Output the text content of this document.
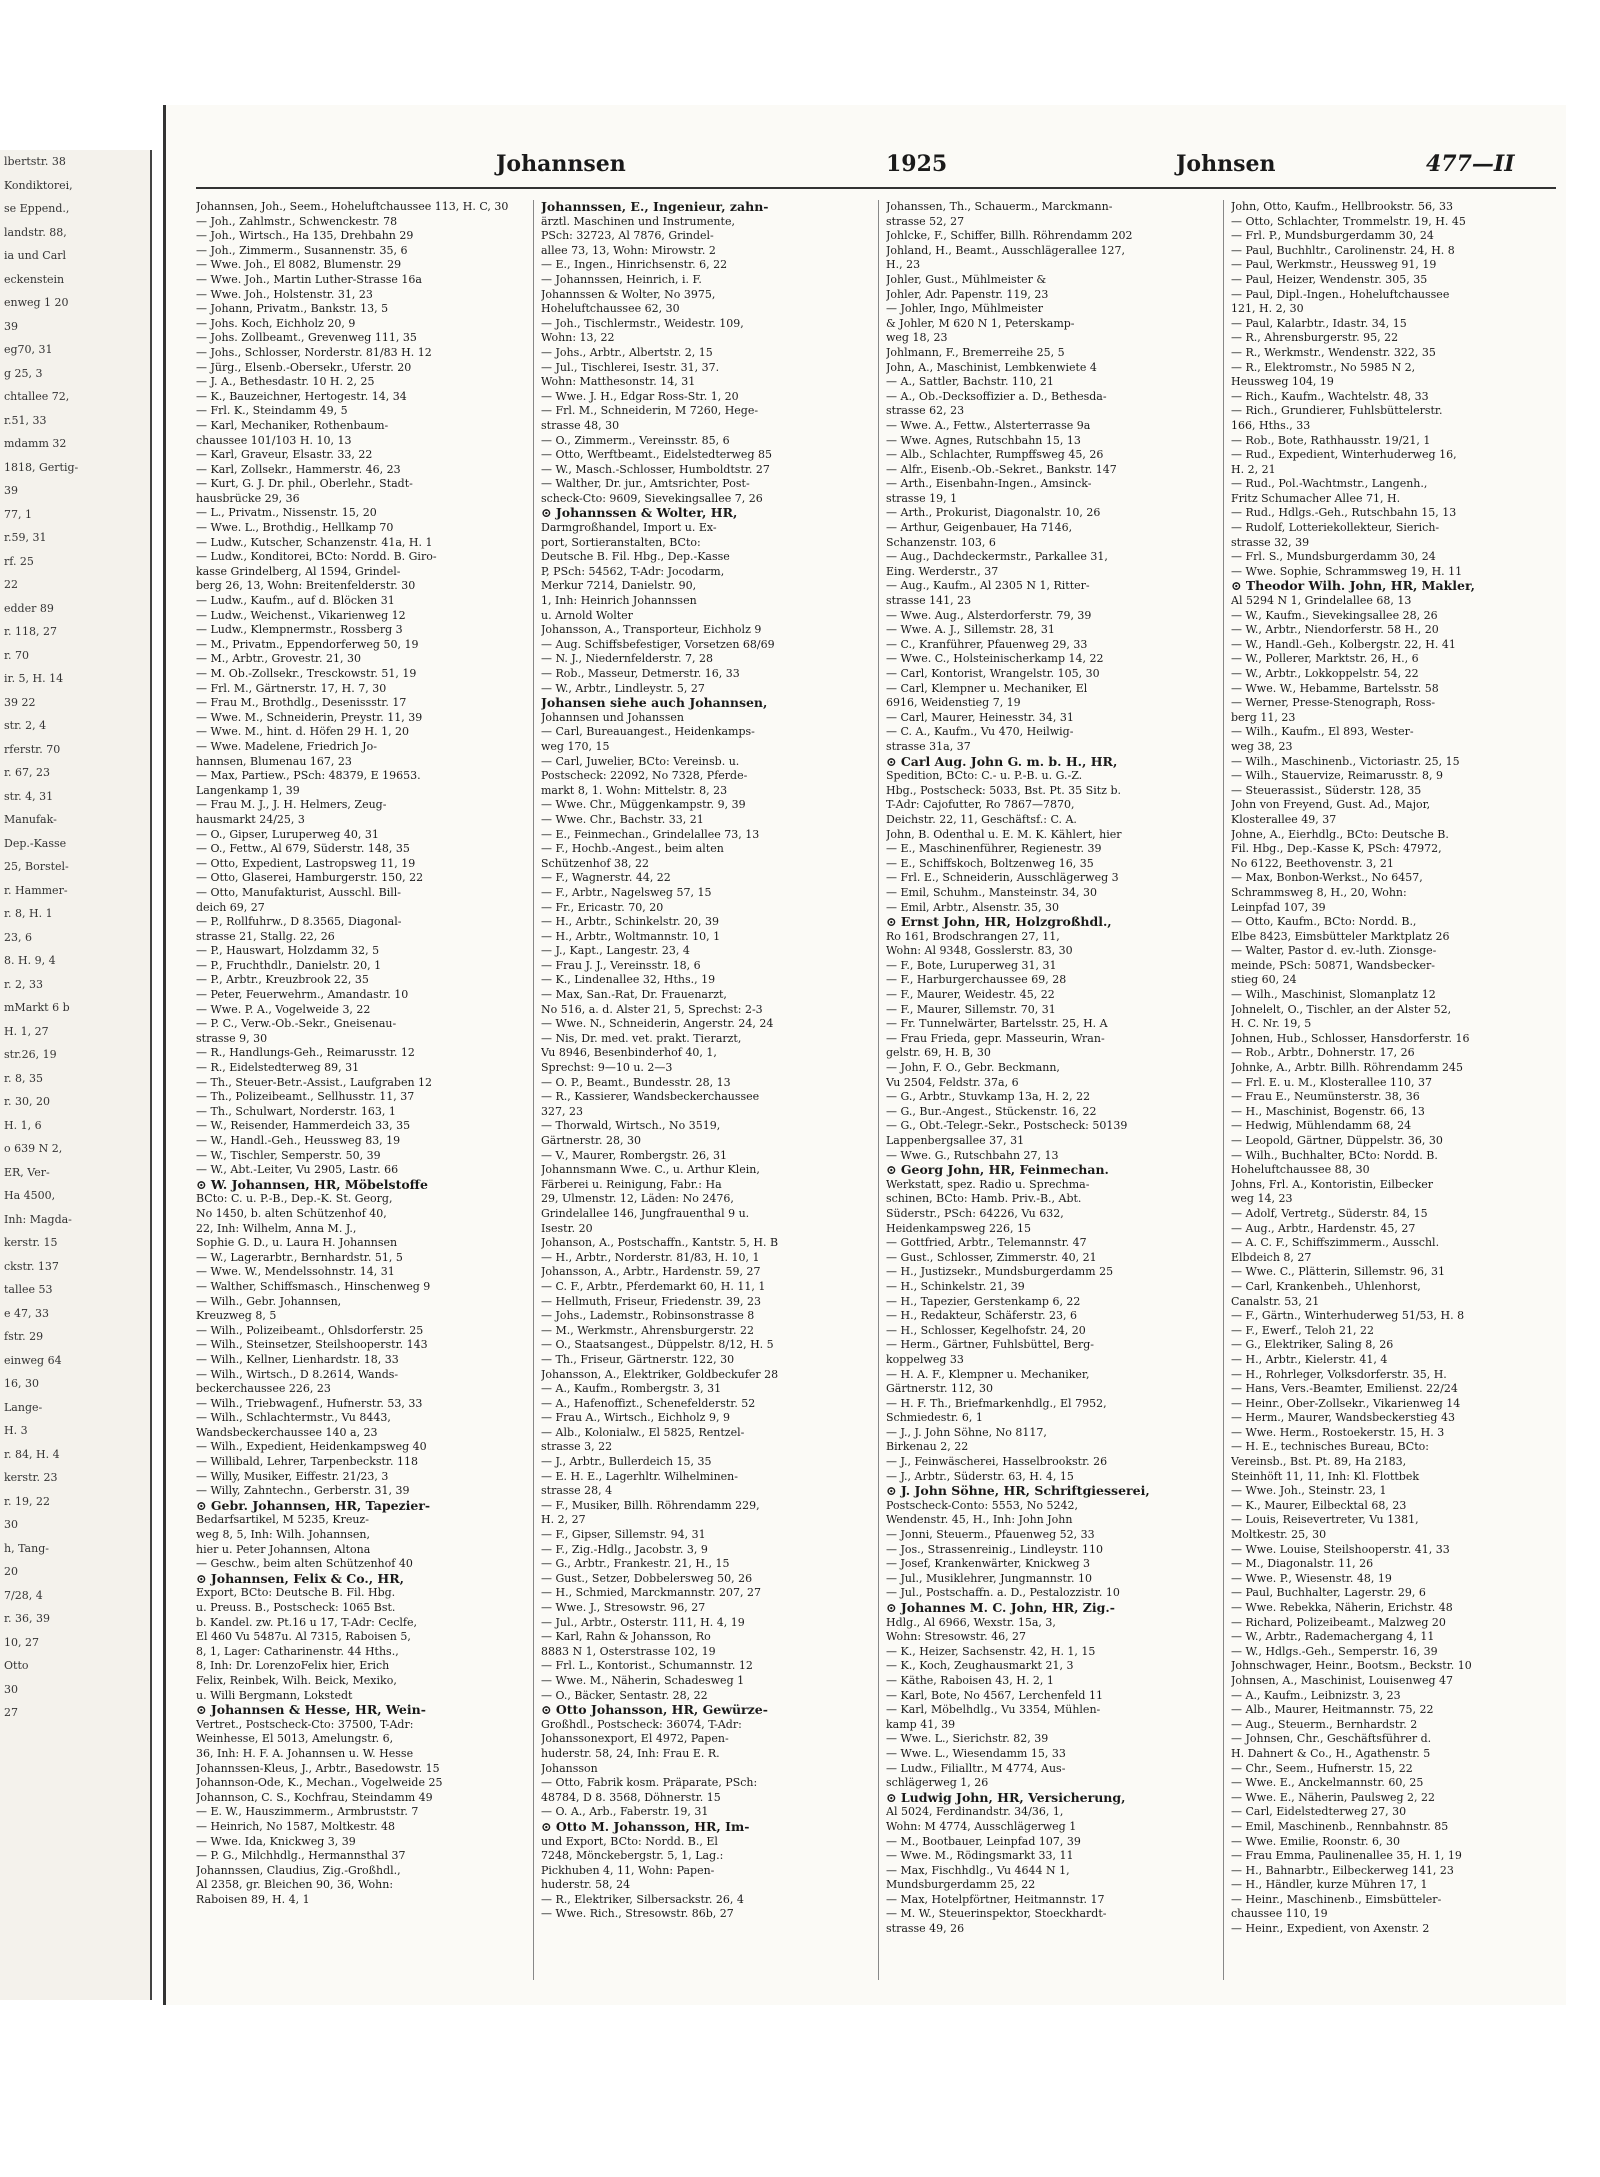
lbertstr. 38
Kondiktorei,
se Eppend.,
landstr. 88,
ia und Carl
eckenstein
enweg 1 20
39
eg70, 31
g 25, 3
chtallee 72,
r.51, 33
mdamm 32
1818, Gertig-
39
77, 1
r.59, 31
rf. 25
22
edder 89
r. 118, 27
r. 70
ir. 5, H. 14
39 22
str. 2, 4
rferstr. 70
r. 67, 23
str. 4, 31
Manufak-
Dep.-Kasse
25, Borstel-
r. Hammer-
r. 8, H. 1
23, 6
8. H. 9, 4
r. 2, 33
mMarkt 6 b
H. 1, 27
str.26, 19
r. 8, 35
r. 30, 20
H. 1, 6
o 639 N 2,
ER, Ver-
Ha 4500,
Inh: Magda-
kerstr. 15
ckstr. 137
tallee 53
e 47, 33
fstr. 29
einweg 64
16, 30
Lange-
H. 3
r. 84, H. 4
kerstr. 23
r. 19, 22
30
h, Tang-
20
7/28, 4
r. 36, 39
10, 27
Otto
30
27
Johannsen	1925	Johnsen	477—II
Johannsen, Joh., Seem., Hoheluftchaussee 113, H. C, 30
— Joh., Zahlmstr., Schwenckestr. 78
— Joh., Wirtsch., Ha 135, Drehbahn 29
— Joh., Zimmerm., Susannenstr. 35, 6
— Wwe. Joh., El 8082, Blumenstr. 29
— Wwe. Joh., Martin Luther-Strasse 16a
— Wwe. Joh., Holstenstr. 31, 23
— Johann, Privatm., Bankstr. 13, 5
— Johs. Koch, Eichholz 20, 9
— Johs. Zollbeamt., Grevenweg 111, 35
— Johs., Schlosser, Norderstr. 81/83 H. 12
— Jürg., Elsenb.-Obersekr., Uferstr. 20
— J. A., Bethesdastr. 10 H. 2, 25
— K., Bauzeichner, Hertogestr. 14, 34
— Frl. K., Steindamm 49, 5
— Karl, Mechaniker, Rothenbaum-
chaussee 101/103 H. 10, 13
— Karl, Graveur, Elsastr. 33, 22
— Karl, Zollsekr., Hammerstr. 46, 23
— Kurt, G. J. Dr. phil., Oberlehr., Stadt-
hausbrücke 29, 36
— L., Privatm., Nissenstr. 15, 20
— Wwe. L., Brothdig., Hellkamp 70
— Ludw., Kutscher, Schanzenstr. 41a, H. 1
— Ludw., Konditorei, BCto: Nordd. B. Giro-
kasse Grindelberg, Al 1594, Grindel-
berg 26, 13, Wohn: Breitenfelderstr. 30
— Ludw., Kaufm., auf d. Blöcken 31
— Ludw., Weichenst., Vikarienweg 12
— Ludw., Klempnermstr., Rossberg 3
— M., Privatm., Eppendorferweg 50, 19
— M., Arbtr., Grovestr. 21, 30
— M. Ob.-Zollsekr., Tresckowstr. 51, 19
— Frl. M., Gärtnerstr. 17, H. 7, 30
— Frau M., Brothdlg., Desenissstr. 17
— Wwe. M., Schneiderin, Preystr. 11, 39
— Wwe. M., hint. d. Höfen 29 H. 1, 20
— Wwe. Madelene, Friedrich Jo-
hannsen, Blumenau 167, 23
— Max, Partiew., PSch: 48379, E 19653.
Langenkamp 1, 39
— Frau M. J., J. H. Helmers, Zeug-
hausmarkt 24/25, 3
— O., Gipser, Luruperweg 40, 31
— O., Fettw., Al 679, Süderstr. 148, 35
— Otto, Expedient, Lastropsweg 11, 19
— Otto, Glaserei, Hamburgerstr. 150, 22
— Otto, Manufakturist, Ausschl. Bill-
deich 69, 27
— P., Rollfuhrw., D 8.3565, Diagonal-
strasse 21, Stallg. 22, 26
— P., Hauswart, Holzdamm 32, 5
— P., Fruchthdlr., Danielstr. 20, 1
— P., Arbtr., Kreuzbrook 22, 35
— Peter, Feuerwehrm., Amandastr. 10
— Wwe. P. A., Vogelweide 3, 22
— P. C., Verw.-Ob.-Sekr., Gneisenau-
strasse 9, 30
— R., Handlungs-Geh., Reimarusstr. 12
— R., Eidelstedterweg 89, 31
— Th., Steuer-Betr.-Assist., Laufgraben 12
— Th., Polizeibeamt., Sellhusstr. 11, 37
— Th., Schulwart, Norderstr. 163, 1
— W., Reisender, Hammerdeich 33, 35
— W., Handl.-Geh., Heussweg 83, 19
— W., Tischler, Semperstr. 50, 39
— W., Abt.-Leiter, Vu 2905, Lastr. 66
⊙ W. Johannsen, HR, Möbelstoffe
BCto: C. u. P.-B., Dep.-K. St. Georg,
No 1450, b. alten Schützenhof 40,
22, Inh: Wilhelm, Anna M. J.,
Sophie G. D., u. Laura H. Johannsen
— W., Lagerarbtr., Bernhardstr. 51, 5
— Wwe. W., Mendelssohnstr. 14, 31
— Walther, Schiffsmasch., Hinschenweg 9
— Wilh., Gebr. Johannsen,
Kreuzweg 8, 5
— Wilh., Polizeibeamt., Ohlsdorferstr. 25
— Wilh., Steinsetzer, Steilshooperstr. 143
— Wilh., Kellner, Lienhardstr. 18, 33
— Wilh., Wirtsch., D 8.2614, Wands-
beckerchaussee 226, 23
— Wilh., Triebwagenf., Hufnerstr. 53, 33
— Wilh., Schlachtermstr., Vu 8443,
Wandsbeckerchaussee 140 a, 23
— Wilh., Expedient, Heidenkampsweg 40
— Willibald, Lehrer, Tarpenbeckstr. 118
— Willy, Musiker, Eiffestr. 21/23, 3
— Willy, Zahntechn., Gerberstr. 31, 39
⊙ Gebr. Johannsen, HR, Tapezier-
Bedarfsartikel, M 5235, Kreuz-
weg 8, 5, Inh: Wilh. Johannsen,
hier u. Peter Johannsen, Altona
— Geschw., beim alten Schützenhof 40
⊙ Johannsen, Felix & Co., HR,
Export, BCto: Deutsche B. Fil. Hbg.
u. Preuss. B., Postscheck: 1065 Bst.
b. Kandel. zw. Pt.16 u 17, T-Adr: Ceclfe,
El 460 Vu 5487u. Al 7315, Raboisen 5,
8, 1, Lager: Catharinenstr. 44 Hths.,
8, Inh: Dr. LorenzoFelix hier, Erich
Felix, Reinbek, Wilh. Beick, Mexiko,
u. Willi Bergmann, Lokstedt
⊙ Johannsen & Hesse, HR, Wein-
Vertret., Postscheck-Cto: 37500, T-Adr:
Weinhesse, El 5013, Amelungstr. 6,
36, Inh: H. F. A. Johannsen u. W. Hesse
Johannssen-Kleus, J., Arbtr., Basedowstr. 15
Johannson-Ode, K., Mechan., Vogelweide 25
Johannson, C. S., Kochfrau, Steindamm 49
— E. W., Hauszimmerm., Armbruststr. 7
— Heinrich, No 1587, Moltkestr. 48
— Wwe. Ida, Knickweg 3, 39
— P. G., Milchhdlg., Hermannsthal 37
Johannssen, Claudius, Zig.-Großhdl.,
Al 2358, gr. Bleichen 90, 36, Wohn:
Raboisen 89, H. 4, 1
Johannssen, E., Ingenieur, zahn-
ärztl. Maschinen und Instrumente,
PSch: 32723, Al 7876, Grindel-
allee 73, 13, Wohn: Mirowstr. 2
— E., Ingen., Hinrichsenstr. 6, 22
— Johannssen, Heinrich, i. F.
Johannssen & Wolter, No 3975,
Hoheluftchaussee 62, 30
— Joh., Tischlermstr., Weidestr. 109,
Wohn: 13, 22
— Johs., Arbtr., Albertstr. 2, 15
— Jul., Tischlerei, Isestr. 31, 37.
Wohn: Matthesonstr. 14, 31
— Wwe. J. H., Edgar Ross-Str. 1, 20
— Frl. M., Schneiderin, M 7260, Hege-
strasse 48, 30
— O., Zimmerm., Vereinsstr. 85, 6
— Otto, Werftbeamt., Eidelstedterweg 85
— W., Masch.-Schlosser, Humboldtstr. 27
— Walther, Dr. jur., Amtsrichter, Post-
scheck-Cto: 9609, Sievekingsallee 7, 26
⊙ Johannssen & Wolter, HR,
Darmgroßhandel, Import u. Ex-
port, Sortieranstalten, BCto:
Deutsche B. Fil. Hbg., Dep.-Kasse
P, PSch: 54562, T-Adr: Jocodarm,
Merkur 7214, Danielstr. 90,
1, Inh: Heinrich Johannssen
u. Arnold Wolter
Johansson, A., Transporteur, Eichholz 9
— Aug. Schiffsbefestiger, Vorsetzen 68/69
— N. J., Niedernfelderstr. 7, 28
— Rob., Masseur, Detmerstr. 16, 33
— W., Arbtr., Lindleystr. 5, 27
Johansen siehe auch Johannsen,
Johannsen und Johanssen
— Carl, Bureauangest., Heidenkamps-
weg 170, 15
— Carl, Juwelier, BCto: Vereinsb. u.
Postscheck: 22092, No 7328, Pferde-
markt 8, 1. Wohn: Mittelstr. 8, 23
— Wwe. Chr., Müggenkampstr. 9, 39
— Wwe. Chr., Bachstr. 33, 21
— E., Feinmechan., Grindelallee 73, 13
— F., Hochb.-Angest., beim alten
Schützenhof 38, 22
— F., Wagnerstr. 44, 22
— F., Arbtr., Nagelsweg 57, 15
— Fr., Ericastr. 70, 20
— H., Arbtr., Schinkelstr. 20, 39
— H., Arbtr., Woltmannstr. 10, 1
— J., Kapt., Langestr. 23, 4
— Frau J. J., Vereinsstr. 18, 6
— K., Lindenallee 32, Hths., 19
— Max, San.-Rat, Dr. Frauenarzt,
No 516, a. d. Alster 21, 5, Sprechst: 2-3
— Wwe. N., Schneiderin, Angerstr. 24, 24
— Nis, Dr. med. vet. prakt. Tierarzt,
Vu 8946, Besenbinderhof 40, 1,
Sprechst: 9—10 u. 2—3
— O. P., Beamt., Bundesstr. 28, 13
— R., Kassierer, Wandsbeckerchaussee
327, 23
— Thorwald, Wirtsch., No 3519,
Gärtnerstr. 28, 30
— V., Maurer, Rombergstr. 26, 31
Johannsmann Wwe. C., u. Arthur Klein,
Färberei u. Reinigung, Fabr.: Ha
29, Ulmenstr. 12, Läden: No 2476,
Grindelallee 146, Jungfrauenthal 9 u.
Isestr. 20
Johanson, A., Postschaffn., Kantstr. 5, H. B
— H., Arbtr., Norderstr. 81/83, H. 10, 1
Johansson, A., Arbtr., Hardenstr. 59, 27
— C. F., Arbtr., Pferdemarkt 60, H. 11, 1
— Hellmuth, Friseur, Friedenstr. 39, 23
— Johs., Lademstr., Robinsonstrasse 8
— M., Werkmstr., Ahrensburgerstr. 22
— O., Staatsangest., Düppelstr. 8/12, H. 5
— Th., Friseur, Gärtnerstr. 122, 30
Johansson, A., Elektriker, Goldbeckufer 28
— A., Kaufm., Rombergstr. 3, 31
— A., Hafenoffizt., Schenefelderstr. 52
— Frau A., Wirtsch., Eichholz 9, 9
— Alb., Kolonialw., El 5825, Rentzel-
strasse 3, 22
— J., Arbtr., Bullerdeich 15, 35
— E. H. E., Lagerhltr. Wilhelminen-
strasse 28, 4
— F., Musiker, Billh. Röhrendamm 229,
H. 2, 27
— F., Gipser, Sillemstr. 94, 31
— F., Zig.-Hdlg., Jacobstr. 3, 9
— G., Arbtr., Frankestr. 21, H., 15
— Gust., Setzer, Dobbelersweg 50, 26
— H., Schmied, Marckmannstr. 207, 27
— Wwe. J., Stresowstr. 96, 27
— Jul., Arbtr., Osterstr. 111, H. 4, 19
— Karl, Rahn & Johansson, Ro
8883 N 1, Osterstrasse 102, 19
— Frl. L., Kontorist., Schumannstr. 12
— Wwe. M., Näherin, Schadesweg 1
— O., Bäcker, Sentastr. 28, 22
⊙ Otto Johansson, HR, Gewürze-
Großhdl., Postscheck: 36074, T-Adr:
Johanssonexport, El 4972, Papen-
huderstr. 58, 24, Inh: Frau E. R.
Johansson
— Otto, Fabrik kosm. Präparate, PSch:
48784, D 8. 3568, Döhnerstr. 15
— O. A., Arb., Faberstr. 19, 31
⊙ Otto M. Johansson, HR, Im-
und Export, BCto: Nordd. B., El
7248, Mönckebergstr. 5, 1, Lag.:
Pickhuben 4, 11, Wohn: Papen-
huderstr. 58, 24
— R., Elektriker, Silbersackstr. 26, 4
— Wwe. Rich., Stresowstr. 86b, 27
Johanssen, Th., Schauerm., Marckmann-
strasse 52, 27
Johlcke, F., Schiffer, Billh. Röhrendamm 202
Johland, H., Beamt., Ausschlägerallee 127,
H., 23
Johler, Gust., Mühlmeister &
Johler, Adr. Papenstr. 119, 23
— Johler, Ingo, Mühlmeister
& Johler, M 620 N 1, Peterskamp-
weg 18, 23
Johlmann, F., Bremerreihe 25, 5
John, A., Maschinist, Lembkenwiete 4
— A., Sattler, Bachstr. 110, 21
— A., Ob.-Decksoffizier a. D., Bethesda-
strasse 62, 23
— Wwe. A., Fettw., Alsterterrasse 9a
— Wwe. Agnes, Rutschbahn 15, 13
— Alb., Schlachter, Rumpffsweg 45, 26
— Alfr., Eisenb.-Ob.-Sekret., Bankstr. 147
— Arth., Eisenbahn-Ingen., Amsinck-
strasse 19, 1
— Arth., Prokurist, Diagonalstr. 10, 26
— Arthur, Geigenbauer, Ha 7146,
Schanzenstr. 103, 6
— Aug., Dachdeckermstr., Parkallee 31,
Eing. Werderstr., 37
— Aug., Kaufm., Al 2305 N 1, Ritter-
strasse 141, 23
— Wwe. Aug., Alsterdorferstr. 79, 39
— Wwe. A. J., Sillemstr. 28, 31
— C., Kranführer, Pfauenweg 29, 33
— Wwe. C., Holsteinischerkamp 14, 22
— Carl, Kontorist, Wrangelstr. 105, 30
— Carl, Klempner u. Mechaniker, El
6916, Weidenstieg 7, 19
— Carl, Maurer, Heinesstr. 34, 31
— C. A., Kaufm., Vu 470, Heilwig-
strasse 31a, 37
⊙ Carl Aug. John G. m. b. H., HR,
Spedition, BCto: C.- u. P.-B. u. G.-Z.
Hbg., Postscheck: 5033, Bst. Pt. 35 Sitz b.
T-Adr: Cajofutter, Ro 7867—7870,
Deichstr. 22, 11, Geschäftsf.: C. A.
John, B. Odenthal u. E. M. K. Kählert, hier
— E., Maschinenführer, Regienestr. 39
— E., Schiffskoch, Boltzenweg 16, 35
— Frl. E., Schneiderin, Ausschlägerweg 3
— Emil, Schuhm., Mansteinstr. 34, 30
— Emil, Arbtr., Alsenstr. 35, 30
⊙ Ernst John, HR, Holzgroßhdl.,
Ro 161, Brodschrangen 27, 11,
Wohn: Al 9348, Gosslerstr. 83, 30
— F., Bote, Luruperweg 31, 31
— F., Harburgerchaussee 69, 28
— F., Maurer, Weidestr. 45, 22
— F., Maurer, Sillemstr. 70, 31
— Fr. Tunnelwärter, Bartelsstr. 25, H. A
— Frau Frieda, gepr. Masseurin, Wran-
gelstr. 69, H. B, 30
— John, F. O., Gebr. Beckmann,
Vu 2504, Feldstr. 37a, 6
— G., Arbtr., Stuvkamp 13a, H. 2, 22
— G., Bur.-Angest., Stückenstr. 16, 22
— G., Obt.-Telegr.-Sekr., Postscheck: 50139
Lappenbergsallee 37, 31
— Wwe. G., Rutschbahn 27, 13
⊙ Georg John, HR, Feinmechan.
Werkstatt, spez. Radio u. Sprechma-
schinen, BCto: Hamb. Priv.-B., Abt.
Süderstr., PSch: 64226, Vu 632,
Heidenkampsweg 226, 15
— Gottfried, Arbtr., Telemannstr. 47
— Gust., Schlosser, Zimmerstr. 40, 21
— H., Justizsekr., Mundsburgerdamm 25
— H., Schinkelstr. 21, 39
— H., Tapezier, Gerstenkamp 6, 22
— H., Redakteur, Schäferstr. 23, 6
— H., Schlosser, Kegelhofstr. 24, 20
— Herm., Gärtner, Fuhlsbüttel, Berg-
koppelweg 33
— H. A. F., Klempner u. Mechaniker,
Gärtnerstr. 112, 30
— H. F. Th., Briefmarkenhdlg., El 7952,
Schmiedestr. 6, 1
— J., J. John Söhne, No 8117,
Birkenau 2, 22
— J., Feinwäscherei, Hasselbrookstr. 26
— J., Arbtr., Süderstr. 63, H. 4, 15
⊙ J. John Söhne, HR, Schriftgiesserei,
Postscheck-Conto: 5553, No 5242,
Wendenstr. 45, H., Inh: John John
— Jonni, Steuerm., Pfauenweg 52, 33
— Jos., Strassenreinig., Lindleystr. 110
— Josef, Krankenwärter, Knickweg 3
— Jul., Musiklehrer, Jungmannstr. 10
— Jul., Postschaffn. a. D., Pestalozzistr. 10
⊙ Johannes M. C. John, HR, Zig.-
Hdlg., Al 6966, Wexstr. 15a, 3,
Wohn: Stresowstr. 46, 27
— K., Heizer, Sachsenstr. 42, H. 1, 15
— K., Koch, Zeughausmarkt 21, 3
— Käthe, Raboisen 43, H. 2, 1
— Karl, Bote, No 4567, Lerchenfeld 11
— Karl, Möbelhdlg., Vu 3354, Mühlen-
kamp 41, 39
— Wwe. L., Sierichstr. 82, 39
— Wwe. L., Wiesendamm 15, 33
— Ludw., Filialltr., M 4774, Aus-
schlägerweg 1, 26
⊙ Ludwig John, HR, Versicherung,
Al 5024, Ferdinandstr. 34/36, 1,
Wohn: M 4774, Ausschlägerweg 1
— M., Bootbauer, Leinpfad 107, 39
— Wwe. M., Rödingsmarkt 33, 11
— Max, Fischhdlg., Vu 4644 N 1,
Mundsburgerdamm 25, 22
— Max, Hotelpförtner, Heitmannstr. 17
— M. W., Steuerinspektor, Stoeckhardt-
strasse 49, 26
John, Otto, Kaufm., Hellbrookstr. 56, 33
— Otto, Schlachter, Trommelstr. 19, H. 45
— Frl. P., Mundsburgerdamm 30, 24
— Paul, Buchhltr., Carolinenstr. 24, H. 8
— Paul, Werkmstr., Heussweg 91, 19
— Paul, Heizer, Wendenstr. 305, 35
— Paul, Dipl.-Ingen., Hoheluftchaussee
121, H. 2, 30
— Paul, Kalarbtr., Idastr. 34, 15
— R., Ahrensburgerstr. 95, 22
— R., Werkmstr., Wendenstr. 322, 35
— R., Elektromstr., No 5985 N 2,
Heussweg 104, 19
— Rich., Kaufm., Wachtelstr. 48, 33
— Rich., Grundierer, Fuhlsbüttelerstr.
166, Hths., 33
— Rob., Bote, Rathhausstr. 19/21, 1
— Rud., Expedient, Winterhuderweg 16,
H. 2, 21
— Rud., Pol.-Wachtmstr., Langenh.,
Fritz Schumacher Allee 71, H.
— Rud., Hdlgs.-Geh., Rutschbahn 15, 13
— Rudolf, Lotteriekollekteur, Sierich-
strasse 32, 39
— Frl. S., Mundsburgerdamm 30, 24
— Wwe. Sophie, Schrammsweg 19, H. 11
⊙ Theodor Wilh. John, HR, Makler,
Al 5294 N 1, Grindelallee 68, 13
— W., Kaufm., Sievekingsallee 28, 26
— W., Arbtr., Niendorferstr. 58 H., 20
— W., Handl.-Geh., Kolbergstr. 22, H. 41
— W., Pollerer, Marktstr. 26, H., 6
— W., Arbtr., Lokkoppelstr. 54, 22
— Wwe. W., Hebamme, Bartelsstr. 58
— Werner, Presse-Stenograph, Ross-
berg 11, 23
— Wilh., Kaufm., El 893, Wester-
weg 38, 23
— Wilh., Maschinenb., Victoriastr. 25, 15
— Wilh., Stauervize, Reimarusstr. 8, 9
— Steuerassist., Süderstr. 128, 35
John von Freyend, Gust. Ad., Major,
Klosterallee 49, 37
Johne, A., Eierhdlg., BCto: Deutsche B.
Fil. Hbg., Dep.-Kasse K, PSch: 47972,
No 6122, Beethovenstr. 3, 21
— Max, Bonbon-Werkst., No 6457,
Schrammsweg 8, H., 20, Wohn:
Leinpfad 107, 39
— Otto, Kaufm., BCto: Nordd. B.,
Elbe 8423, Eimsbütteler Marktplatz 26
— Walter, Pastor d. ev.-luth. Zionsge-
meinde, PSch: 50871, Wandsbecker-
stieg 60, 24
— Wilh., Maschinist, Slomanplatz 12
Johnelelt, O., Tischler, an der Alster 52,
H. C. Nr. 19, 5
Johnen, Hub., Schlosser, Hansdorferstr. 16
— Rob., Arbtr., Dohnerstr. 17, 26
Johnke, A., Arbtr. Billh. Röhrendamm 245
— Frl. E. u. M., Klosterallee 110, 37
— Frau E., Neumünsterstr. 38, 36
— H., Maschinist, Bogenstr. 66, 13
— Hedwig, Mühlendamm 68, 24
— Leopold, Gärtner, Düppelstr. 36, 30
— Wilh., Buchhalter, BCto: Nordd. B.
Hoheluftchaussee 88, 30
Johns, Frl. A., Kontoristin, Eilbecker
weg 14, 23
— Adolf, Vertretg., Süderstr. 84, 15
— Aug., Arbtr., Hardenstr. 45, 27
— A. C. F., Schiffszimmerm., Ausschl.
Elbdeich 8, 27
— Wwe. C., Plätterin, Sillemstr. 96, 31
— Carl, Krankenbeh., Uhlenhorst,
Canalstr. 53, 21
— F., Gärtn., Winterhuderweg 51/53, H. 8
— F., Ewerf., Teloh 21, 22
— G., Elektriker, Saling 8, 26
— H., Arbtr., Kielerstr. 41, 4
— H., Rohrleger, Volksdorferstr. 35, H.
— Hans, Vers.-Beamter, Emilienst. 22/24
— Heinr., Ober-Zollsekr., Vikarienweg 14
— Herm., Maurer, Wandsbeckerstieg 43
— Wwe. Herm., Rostoekerstr. 15, H. 3
— H. E., technisches Bureau, BCto:
Vereinsb., Bst. Pt. 89, Ha 2183,
Steinhöft 11, 11, Inh: Kl. Flottbek
— Wwe. Joh., Steinstr. 23, 1
— K., Maurer, Eilbecktal 68, 23
— Louis, Reisevertreter, Vu 1381,
Moltkestr. 25, 30
— Wwe. Louise, Steilshooperstr. 41, 33
— M., Diagonalstr. 11, 26
— Wwe. P., Wiesenstr. 48, 19
— Paul, Buchhalter, Lagerstr. 29, 6
— Wwe. Rebekka, Näherin, Erichstr. 48
— Richard, Polizeibeamt., Malzweg 20
— W., Arbtr., Rademachergang 4, 11
— W., Hdlgs.-Geh., Semperstr. 16, 39
Johnschwager, Heinr., Bootsm., Beckstr. 10
Johnsen, A., Maschinist, Louisenweg 47
— A., Kaufm., Leibnizstr. 3, 23
— Alb., Maurer, Heitmannstr. 75, 22
— Aug., Steuerm., Bernhardstr. 2
— Johnsen, Chr., Geschäftsführer d.
H. Dahnert & Co., H., Agathenstr. 5
— Chr., Seem., Hufnerstr. 15, 22
— Wwe. E., Anckelmannstr. 60, 25
— Wwe. E., Näherin, Paulsweg 2, 22
— Carl, Eidelstedterweg 27, 30
— Emil, Maschinenb., Rennbahnstr. 85
— Wwe. Emilie, Roonstr. 6, 30
— Frau Emma, Paulinenallee 35, H. 1, 19
— H., Bahnarbtr., Eilbeckerweg 141, 23
— H., Händler, kurze Mühren 17, 1
— Heinr., Maschinenb., Eimsbütteler-
chaussee 110, 19
— Heinr., Expedient, von Axenstr. 2
